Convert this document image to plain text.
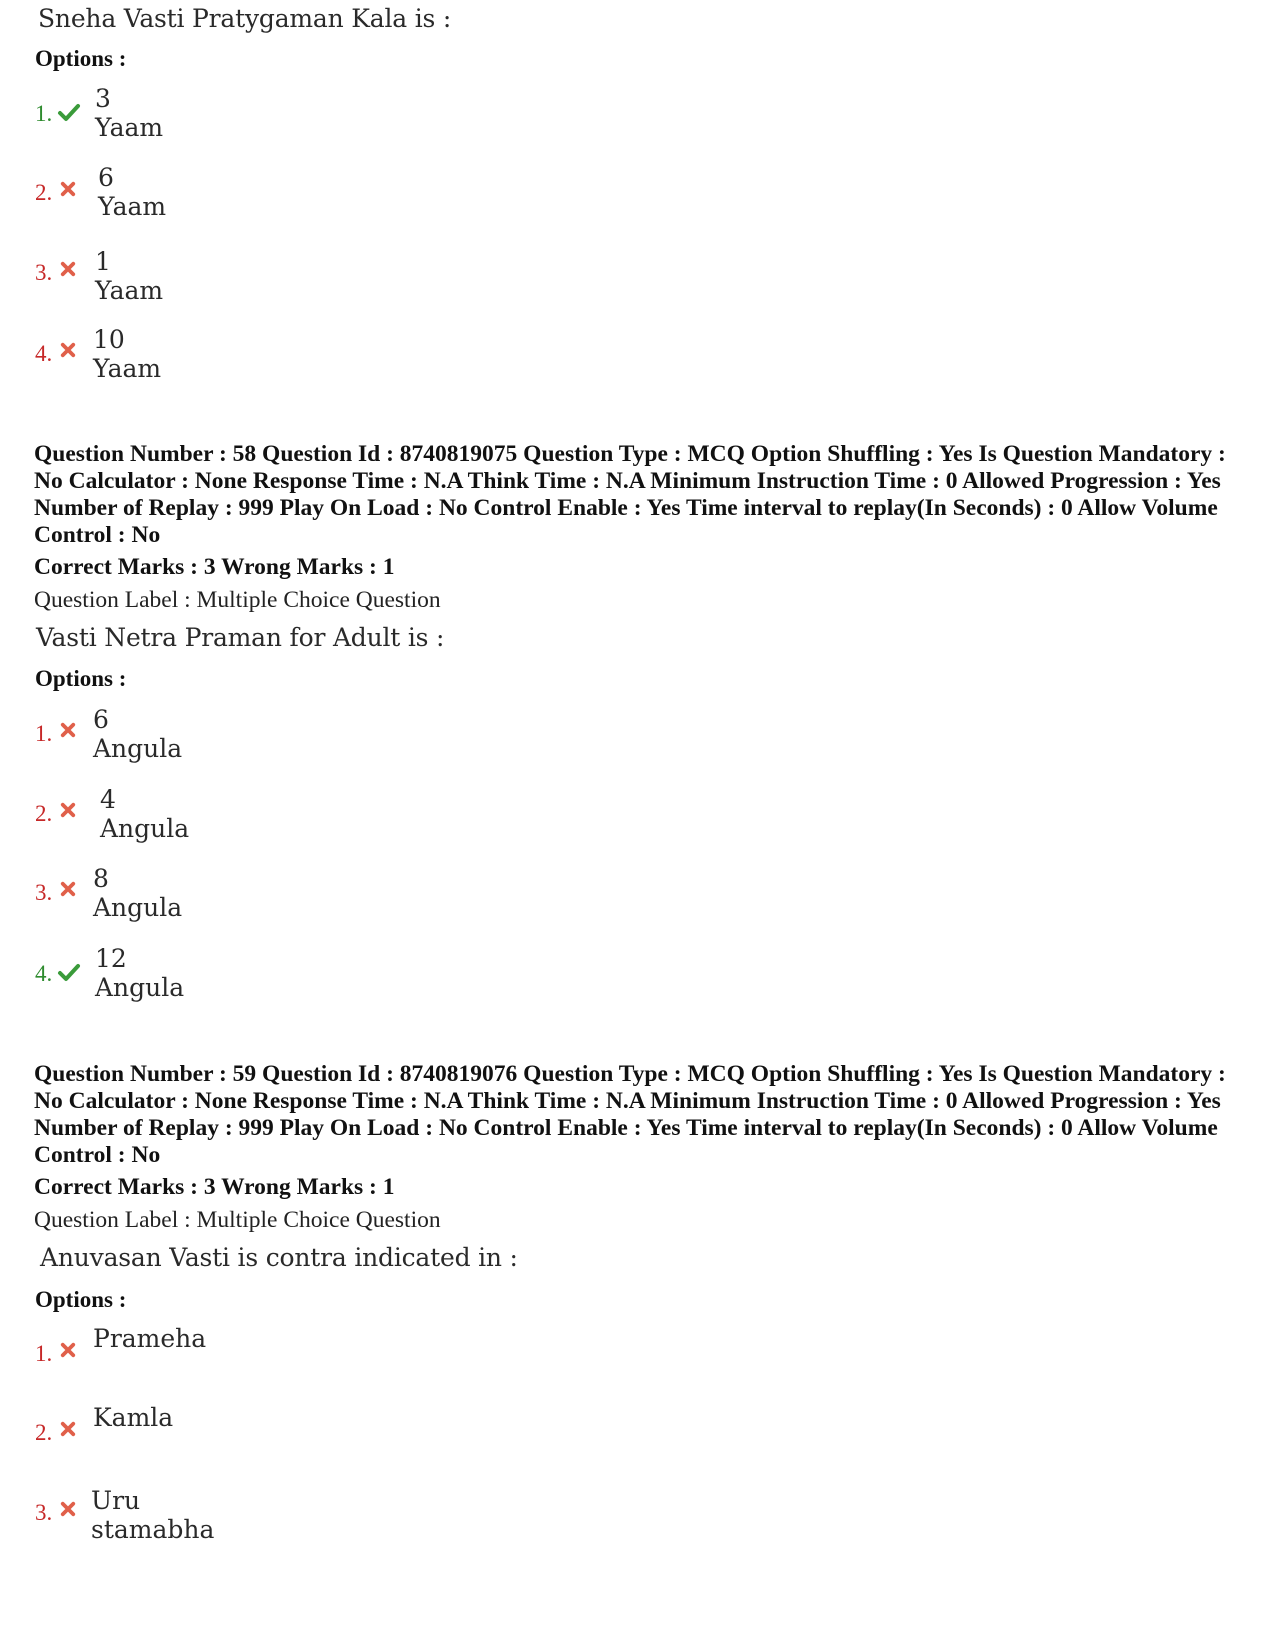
Sneha Vasti Pratygaman Kala is :
Options :
1.
3 Yaam
2.
6 Yaam
3. 1 Yaam
4. 10 Yaam
Question Number : 58 Question Id : 8740819075 Question Type : MCQ Option Shuffling : Yes Is Question Mandatory : No Calculator : None Response Time : N.A Think Time : N.A Minimum Instruction Time : 0 Allowed Progression : Yes Number of Replay : 999 Play On Load : No Control Enable : Yes Time interval to replay(In Seconds) : 0 Allow Volume Control : No
Correct Marks : 3 Wrong Marks : 1
Question Label : Multiple Choice Question
Vasti Netra Praman for Adult is :
Options :
1. 6 Angula
2. 4 Angula
3. 8 Angula
4.
12 Angula
Question Number : 59 Question Id : 8740819076 Question Type : MCQ Option Shuffling : Yes Is Question Mandatory : No Calculator : None Response Time : N.A Think Time : N.A Minimum Instruction Time : 0 Allowed Progression : Yes Number of Replay : 999 Play On Load : No Control Enable : Yes Time interval to replay(In Seconds) : 0 Allow Volume Control : No
Correct Marks : 3 Wrong Marks : 1
Question Label : Multiple Choice Question
Anuvasan Vasti is contra indicated in :
Options :
1.
Prameha
2.
Kamla
3. Uru stamabha
